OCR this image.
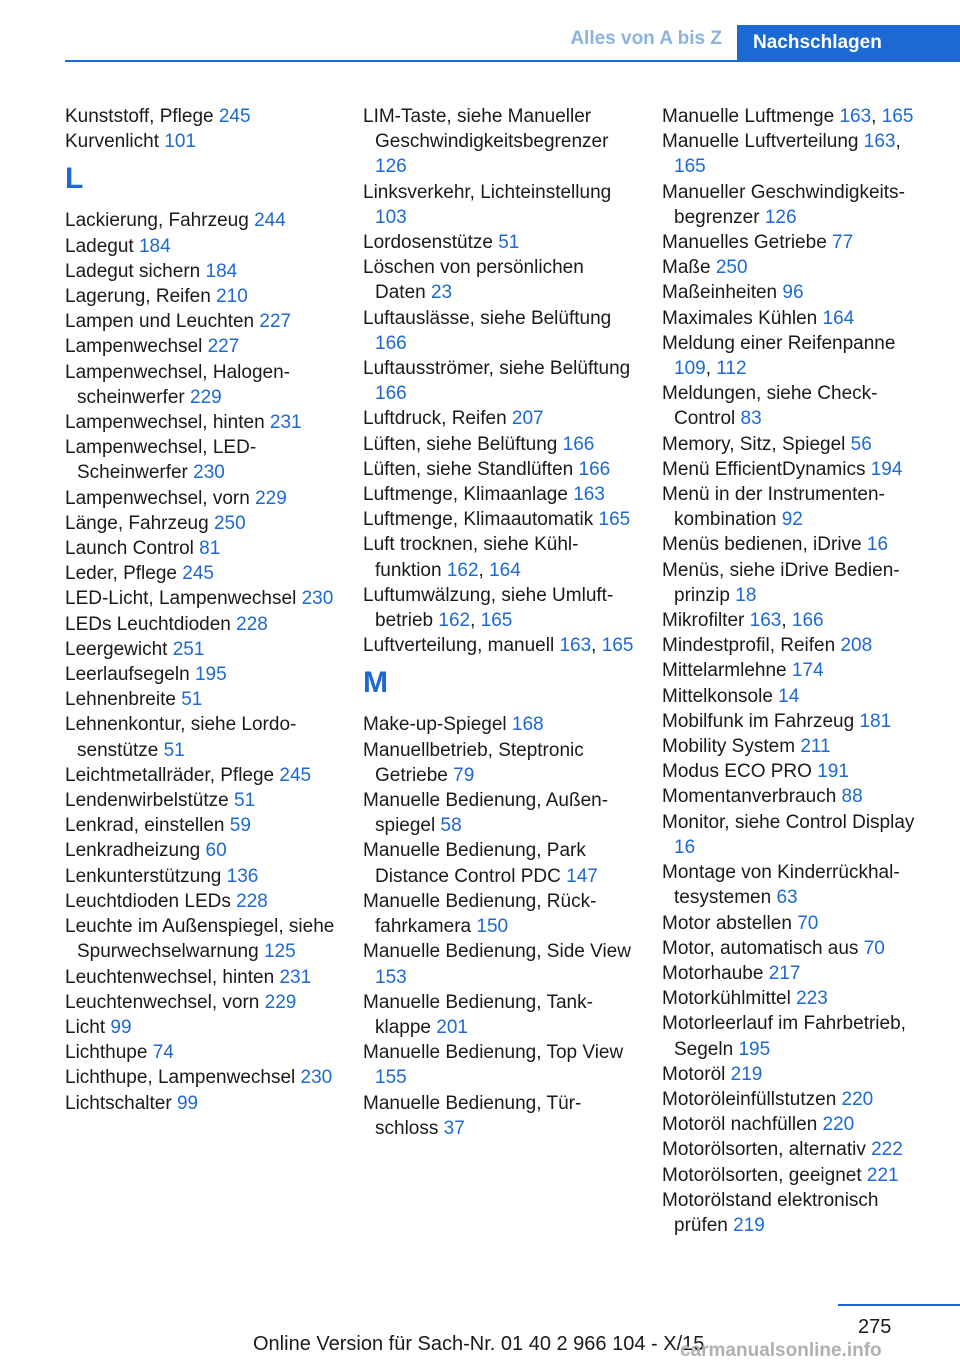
Alles von A bis Z	Nachschlagen
Kunststoff, Pflege 245
Kurvenlicht 101
L
Lackierung, Fahrzeug 244
Ladegut 184
Ladegut sichern 184
Lagerung, Reifen 210
Lampen und Leuchten 227
Lampenwechsel 227
Lampenwechsel, Halogenscheinwerfer 229
Lampenwechsel, hinten 231
Lampenwechsel, LED-​Scheinwerfer 230
Lampenwechsel, vorn 229
Länge, Fahrzeug 250
Launch Control 81
Leder, Pflege 245
LED-Licht, Lampenwechsel 230
LEDs Leuchtdioden 228
Leergewicht 251
Leerlaufsegeln 195
Lehnenbreite 51
Lehnenkontur, siehe Lordosenstütze 51
Leichtmetallräder, Pflege 245
Lendenwirbelstütze 51
Lenkrad, einstellen 59
Lenkradheizung 60
Lenkunterstützung 136
Leuchtdioden LEDs 228
Leuchte im Außenspiegel, siehe Spurwechselwarnung 125
Leuchtenwechsel, hinten 231
Leuchtenwechsel, vorn 229
Licht 99
Lichthupe 74
Lichthupe, Lampenwechsel 230
Lichtschalter 99
LIM-Taste, siehe Manueller Geschwindigkeitsbegrenzer 126
Linksverkehr, Lichteinstellung 103
Lordosenstütze 51
Löschen von persönlichen Daten 23
Luftauslässe, siehe Belüftung 166
Luftausströmer, siehe Belüftung 166
Luftdruck, Reifen 207
Lüften, siehe Belüftung 166
Lüften, siehe Standlüften 166
Luftmenge, Klimaanlage 163
Luftmenge, Klimaautomatik 165
Luft trocknen, siehe Kühlfunktion 162, 164
Luftumwälzung, siehe Umluftbetrieb 162, 165
Luftverteilung, manuell 163, 165
M
Make-up-Spiegel 168
Manuellbetrieb, Steptronic Getriebe 79
Manuelle Bedienung, Außenspiegel 58
Manuelle Bedienung, Park Distance Control PDC 147
Manuelle Bedienung, Rückfahrkamera 150
Manuelle Bedienung, Side View 153
Manuelle Bedienung, Tankklappe 201
Manuelle Bedienung, Top View 155
Manuelle Bedienung, Türschloss 37
Manuelle Luftmenge 163, 165
Manuelle Luftverteilung 163, 165
Manueller Geschwindigkeitsbegrenzer 126
Manuelles Getriebe 77
Maße 250
Maßeinheiten 96
Maximales Kühlen 164
Meldung einer Reifenpanne 109, 112
Meldungen, siehe Check-​Control 83
Memory, Sitz, Spiegel 56
Menü EfficientDynamics 194
Menü in der Instrumentenkombination 92
Menüs bedienen, iDrive 16
Menüs, siehe iDrive Bedienprinzip 18
Mikrofilter 163, 166
Mindestprofil, Reifen 208
Mittelarmlehne 174
Mittelkonsole 14
Mobilfunk im Fahrzeug 181
Mobility System 211
Modus ECO PRO 191
Momentanverbrauch 88
Monitor, siehe Control Display 16
Montage von Kinderrückhaltesystemen 63
Motor abstellen 70
Motor, automatisch aus 70
Motorhaube 217
Motorkühlmittel 223
Motorleerlauf im Fahrbetrieb, Segeln 195
Motoröl 219
Motoröleinfüllstutzen 220
Motoröl nachfüllen 220
Motorölsorten, alternativ 222
Motorölsorten, geeignet 221
Motorölstand elektronisch prüfen 219
275
Online Version für Sach-Nr. 01 40 2 966 104 - X/15
carmanualsonline.info
